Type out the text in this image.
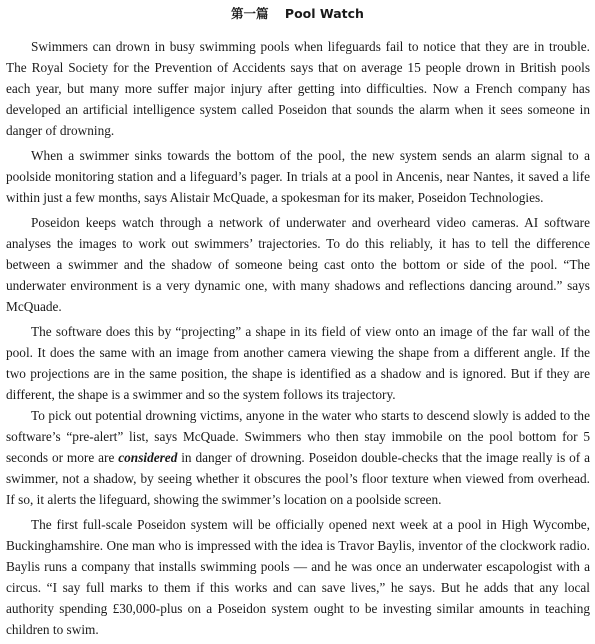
第一篇 Pool Watch

Swimmers can drown in busy swimming pools when lifeguards fail to notice that they are in trouble. The Royal Society for the Prevention of Accidents says that on average 15 people drown in British pools each year, but many more suffer major injury after getting into difficulties. Now a French company has developed an artificial intelligence system called Poseidon that sounds the alarm when it sees someone in danger of drowning.

When a swimmer sinks towards the bottom of the pool, the new system sends an alarm signal to a poolside monitoring station and a lifeguard’s pager. In trials at a pool in Ancenis, near Nantes, it saved a life within just a few months, says Alistair McQuade, a spokesman for its maker, Poseidon Technologies.

Poseidon keeps watch through a network of underwater and overheard video cameras. AI software analyses the images to work out swimmers’ trajectories. To do this reliably, it has to tell the difference between a swimmer and the shadow of someone being cast onto the bottom or side of the pool. “The underwater environment is a very dynamic one, with many shadows and reflections dancing around.” says McQuade.

The software does this by “projecting” a shape in its field of view onto an image of the far wall of the pool. It does the same with an image from another camera viewing the shape from a different angle. If the two projections are in the same position, the shape is identified as a shadow and is ignored. But if they are different, the shape is a swimmer and so the system follows its trajectory.

To pick out potential drowning victims, anyone in the water who starts to descend slowly is added to the software’s “pre-alert” list, says McQuade. Swimmers who then stay immobile on the pool bottom for 5 seconds or more are considered in danger of drowning. Poseidon double-checks that the image really is of a swimmer, not a shadow, by seeing whether it obscures the pool’s floor texture when viewed from overhead. If so, it alerts the lifeguard, showing the swimmer’s location on a poolside screen.

The first full-scale Poseidon system will be officially opened next week at a pool in High Wycombe, Buckinghamshire. One man who is impressed with the idea is Travor Baylis, inventor of the clockwork radio. Baylis runs a company that installs swimming pools — and he was once an underwater escapologist with a circus. “I say full marks to them if this works and can save lives,” he says. But he adds that any local authority spending £30,000-plus on a Poseidon system ought to be investing similar amounts in teaching children to swim.
